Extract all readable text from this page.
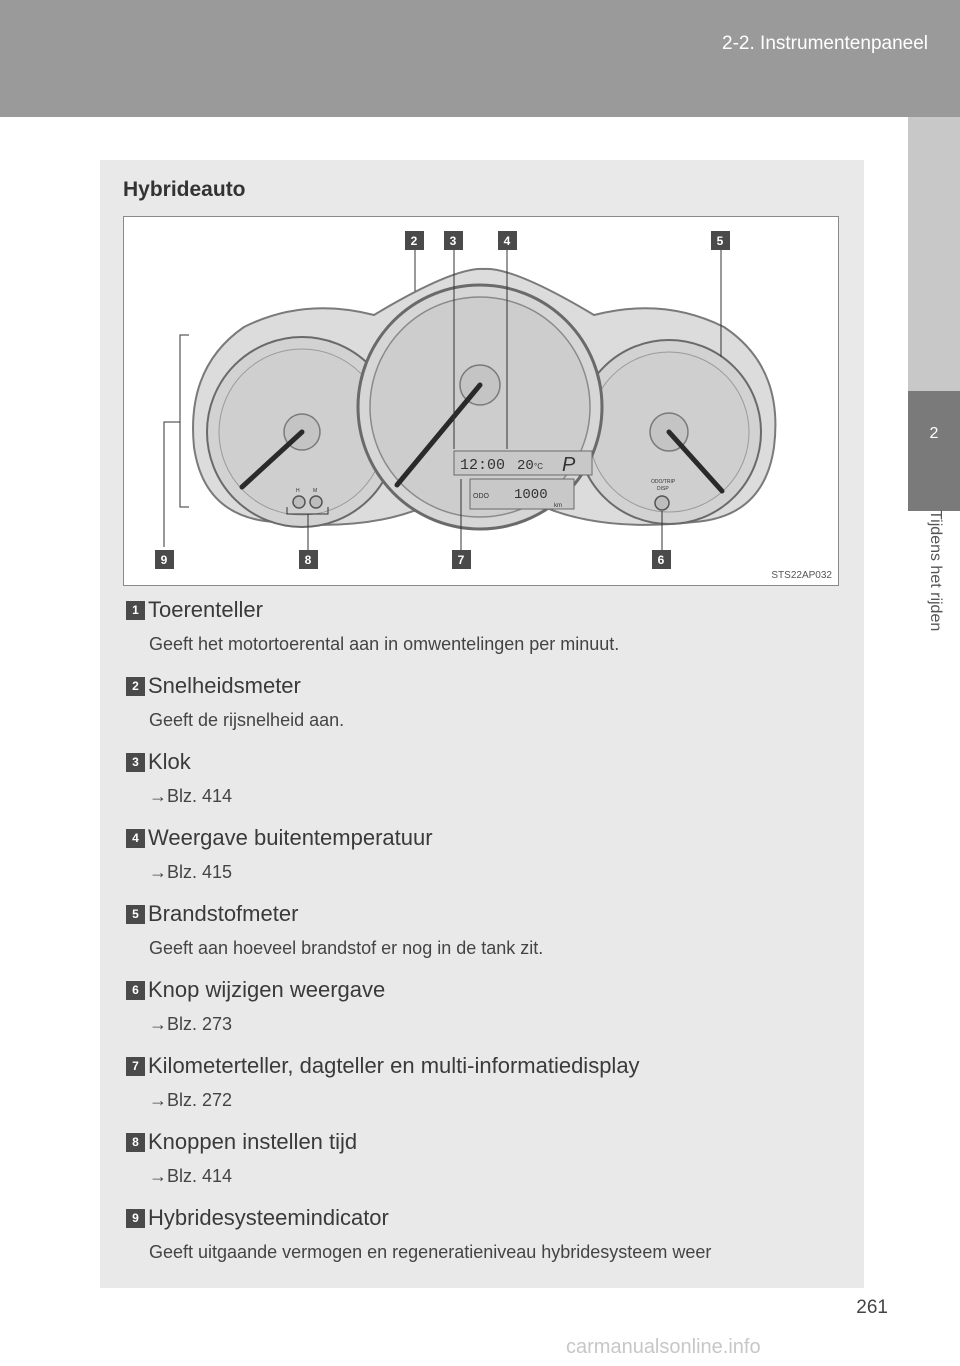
2-2. Instrumentenpaneel
2
Tijdens het rijden
Hybrideauto
12:00 20 °C P
ODO 1000
km
ODO/TRIP
DISP
H	M
2	3	4	5
9	8	7	6
STS22AP032
1 Toerenteller
Geeft het motortoerental aan in omwentelingen per minuut.
2 Snelheidsmeter
Geeft de rijsnelheid aan.
3 Klok
→Blz. 414
4 Weergave buitentemperatuur
→Blz. 415
5 Brandstofmeter
Geeft aan hoeveel brandstof er nog in de tank zit.
6 Knop wijzigen weergave
→Blz. 273
7 Kilometerteller, dagteller en multi-informatiedisplay
→Blz. 272
8 Knoppen instellen tijd
→Blz. 414
9 Hybridesysteemindicator
Geeft uitgaande vermogen en regeneratieniveau hybridesysteem weer
261
carmanualsonline.info
